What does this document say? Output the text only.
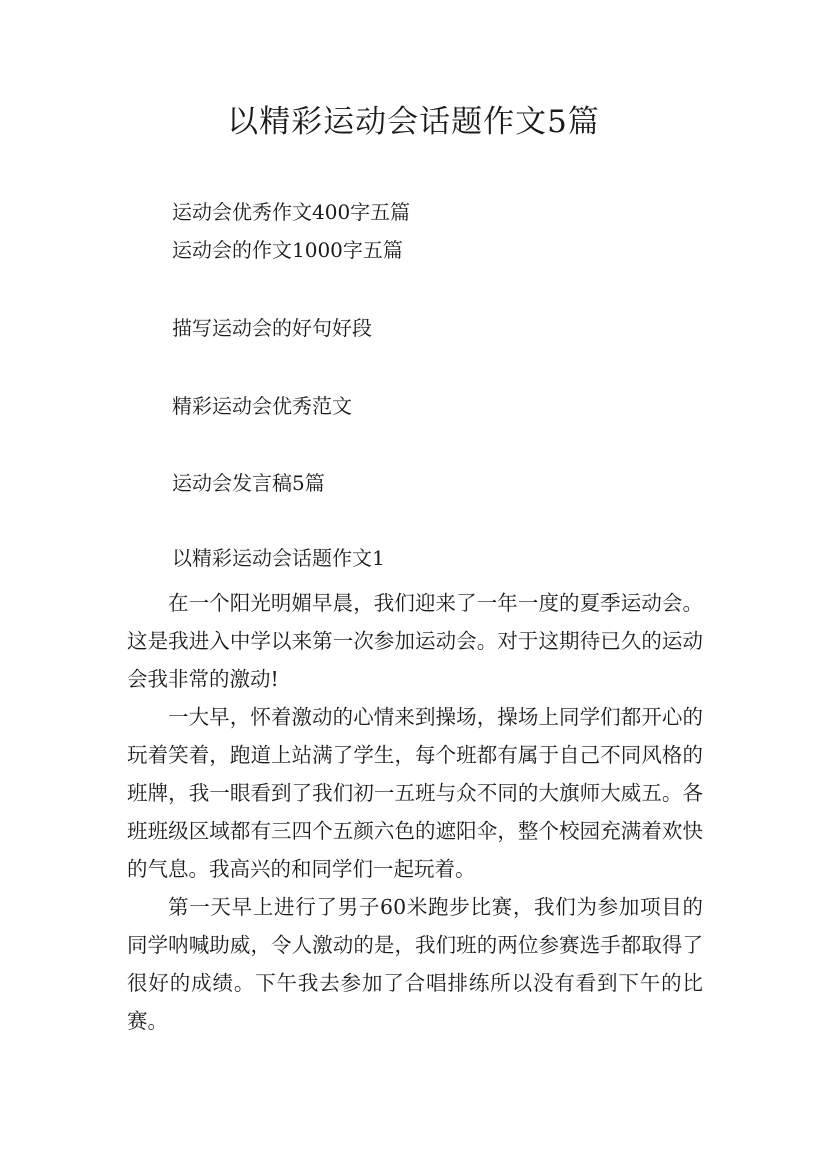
以精彩运动会话题作文5篇
运动会优秀作文400字五篇
运动会的作文1000字五篇
描写运动会的好句好段
精彩运动会优秀范文
运动会发言稿5篇
以精彩运动会话题作文1

在一个阳光明媚早晨，我们迎来了一年一度的夏季运动会。这是我进入中学以来第一次参加运动会。对于这期待已久的运动会我非常的激动!

一大早，怀着激动的心情来到操场，操场上同学们都开心的玩着笑着，跑道上站满了学生，每个班都有属于自己不同风格的班牌，我一眼看到了我们初一五班与众不同的大旗师大威五。各班班级区域都有三四个五颜六色的遮阳伞，整个校园充满着欢快的气息。我高兴的和同学们一起玩着。

第一天早上进行了男子60米跑步比赛，我们为参加项目的同学呐喊助威，令人激动的是，我们班的两位参赛选手都取得了很好的成绩。下午我去参加了合唱排练所以没有看到下午的比赛。
